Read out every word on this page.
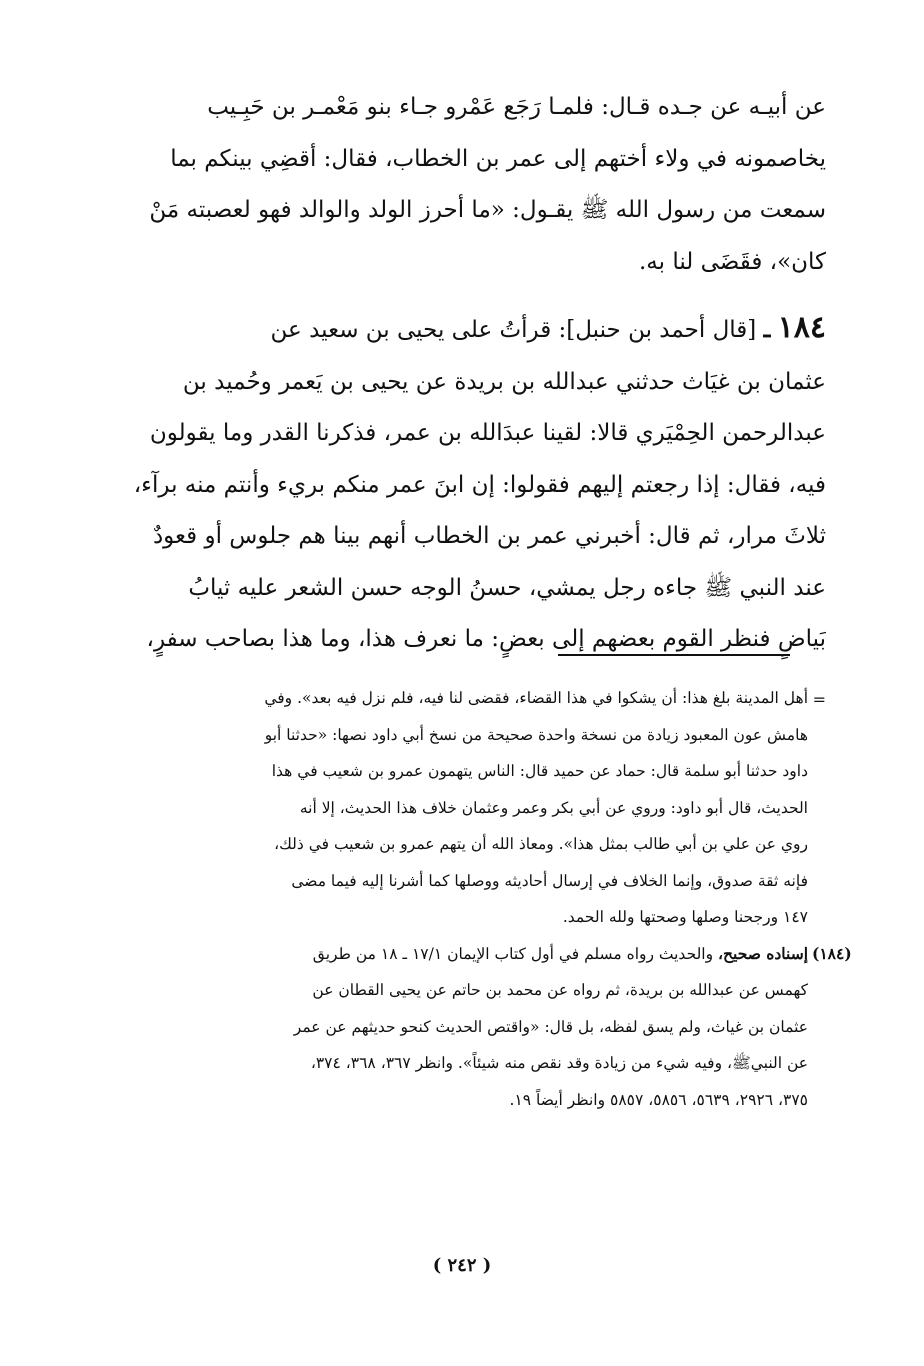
عن أبيـه عن جـده قـال: فلمـا رَجَع عَمْرو جـاء بنو مَعْمـر بن حَبِـيب
يخاصمونه في ولاء أختهم إلى عمر بن الخطاب، فقال: أقضِي بينكم بما
سمعت من رسول الله ﷺ يقـول: «ما أحرز الولد والوالد فهو لعصبته مَنْ
كان»، فقَضَى لنا به.
١٨٤ ـ [قال أحمد بن حنبل]: قرأتُ على يحيى بن سعيد عن
عثمان بن غيَاث حدثني عبدالله بن بريدة عن يحيى بن يَعمر وحُميد بن
عبدالرحمن الحِمْيَري قالا: لقينا عبدَالله بن عمر، فذكرنا القدر وما يقولون
فيه، فقال: إذا رجعتم إليهم فقولوا: إن ابنَ عمر منكم بريء وأنتم منه برآء،
ثلاثَ مرار، ثم قال: أخبرني عمر بن الخطاب أنهم بينا هم جلوس أو قعودٌ
عند النبي ﷺ جاءه رجل يمشي، حسنُ الوجه حسن الشعر عليه ثيابُ
بَياضٍ فنظر القوم بعضهم إلى بعضٍ: ما نعرف هذا، وما هذا بصاحب سفرٍ،
=
أهل المدينة بلغ هذا: أن يشكوا في هذا القضاء، فقضى لنا فيه، فلم نزل فيه بعد». وفي
هامش عون المعبود زيادة من نسخة واحدة صحيحة من نسخ أبي داود نصها: «حدثنا أبو
داود حدثنا أبو سلمة قال: حماد عن حميد قال: الناس يتهمون عمرو بن شعيب في هذا
الحديث، قال أبو داود: وروي عن أبي بكر وعمر وعثمان خلاف هذا الحديث، إلا أنه
روي عن علي بن أبي طالب بمثل هذا». ومعاذ الله أن يتهم عمرو بن شعيب في ذلك،
فإنه ثقة صدوق، وإنما الخلاف في إرسال أحاديثه ووصلها كما أشرنا إليه فيما مضى
١٤٧ ورجحنا وصلها وصحتها ولله الحمد.
(١٨٤)
إسناده صحيح، والحديث رواه مسلم في أول كتاب الإيمان ١٧/١ ـ ١٨ من طريق
كهمس عن عبدالله بن بريدة، ثم رواه عن محمد بن حاتم عن يحيى القطان عن
عثمان بن غياث، ولم يسق لفظه، بل قال: «واقتص الحديث كنحو حديثهم عن عمر
عن النبيﷺ، وفيه شيء من زيادة وقد نقص منه شيئاً». وانظر ٣٦٧، ٣٦٨، ٣٧٤،
٣٧٥، ٢٩٢٦، ٥٦٣٩، ٥٨٥٦، ٥٨٥٧ وانظر أيضاً ١٩.
( ٢٤٢ )
